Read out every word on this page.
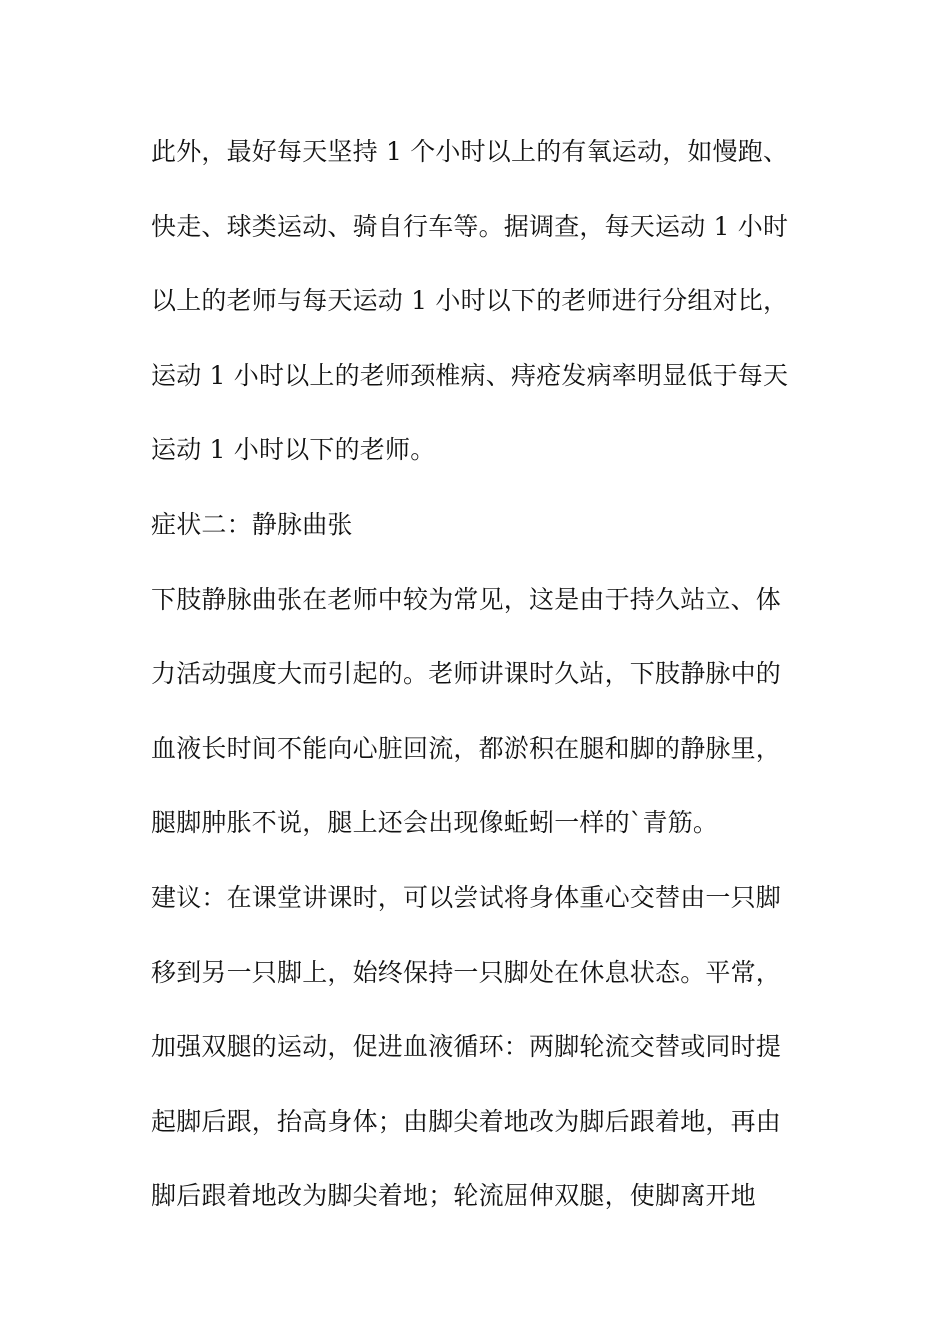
此外，最好每天坚持 1 个小时以上的有氧运动，如慢跑、
快走、球类运动、骑自行车等。据调查，每天运动 1 小时
以上的老师与每天运动 1 小时以下的老师进行分组对比，
运动 1 小时以上的老师颈椎病、痔疮发病率明显低于每天
运动 1 小时以下的老师。
症状二：静脉曲张
下肢静脉曲张在老师中较为常见，这是由于持久站立、体
力活动强度大而引起的。老师讲课时久站，下肢静脉中的
血液长时间不能向心脏回流，都淤积在腿和脚的静脉里，
腿脚肿胀不说，腿上还会出现像蚯蚓一样的`青筋。
建议：在课堂讲课时，可以尝试将身体重心交替由一只脚
移到另一只脚上，始终保持一只脚处在休息状态。平常，
加强双腿的运动，促进血液循环：两脚轮流交替或同时提
起脚后跟，抬高身体；由脚尖着地改为脚后跟着地，再由
脚后跟着地改为脚尖着地；轮流屈伸双腿，使脚离开地
